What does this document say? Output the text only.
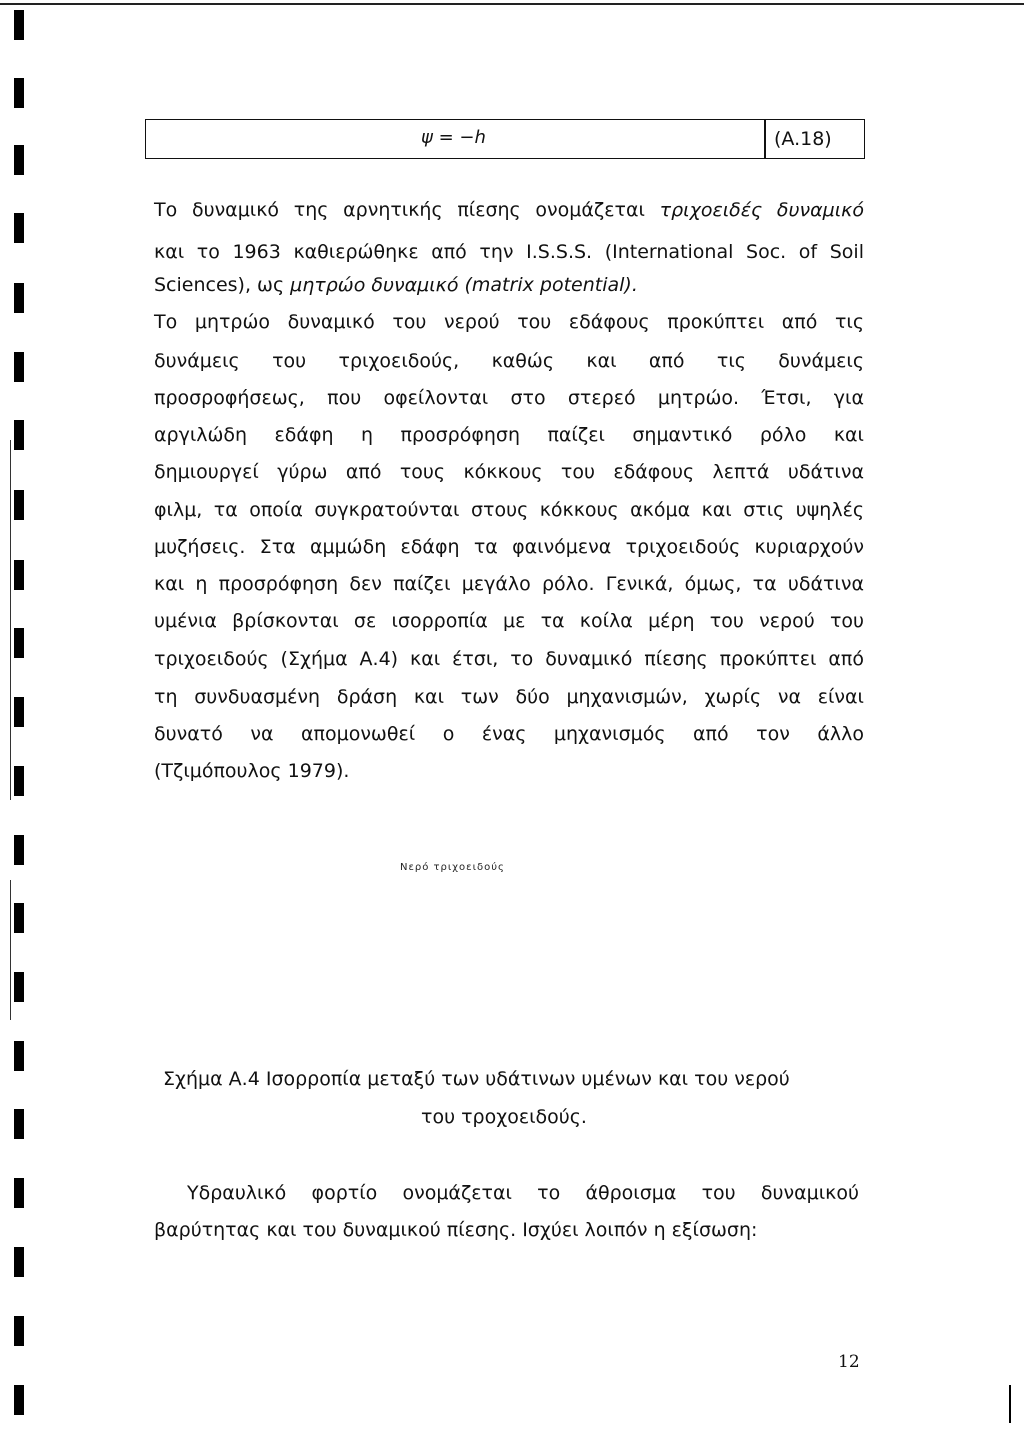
ψ = −h	(A.18)
Το δυναμικό της αρνητικής πίεσης ονομάζεται τριχοειδές δυναμικό
και το 1963 καθιερώθηκε από την I.S.S.S. (International Soc. of Soil
Sciences), ως μητρώο δυναμικό (matrix potential).
Το μητρώο δυναμικό του νερού του εδάφους προκύπτει από τις
δυνάμεις του τριχοειδούς, καθώς και από τις δυνάμεις
προσροφήσεως, που οφείλονται στο στερεό μητρώο. Έτσι, για
αργιλώδη εδάφη η προσρόφηση παίζει σημαντικό ρόλο και
δημιουργεί γύρω από τους κόκκους του εδάφους λεπτά υδάτινα
φιλμ, τα οποία συγκρατούνται στους κόκκους ακόμα και στις υψηλές
μυζήσεις. Στα αμμώδη εδάφη τα φαινόμενα τριχοειδούς κυριαρχούν
και η προσρόφηση δεν παίζει μεγάλο ρόλο. Γενικά, όμως, τα υδάτινα
υμένια βρίσκονται σε ισορροπία με τα κοίλα μέρη του νερού του
τριχοειδούς (Σχήμα Α.4) και έτσι, το δυναμικό πίεσης προκύπτει από
τη συνδυασμένη δράση και των δύο μηχανισμών, χωρίς να είναι
δυνατό να απομονωθεί ο ένας μηχανισμός από τον άλλο
(Τζιμόπουλος 1979).
Νερό τριχοειδούς
Σχήμα Α.4 Ισορροπία μεταξύ των υδάτινων υμένων και του νερού
του τροχοειδούς.
Υδραυλικό φορτίο ονομάζεται το άθροισμα του δυναμικού
βαρύτητας και του δυναμικού πίεσης. Ισχύει λοιπόν η εξίσωση:
12
